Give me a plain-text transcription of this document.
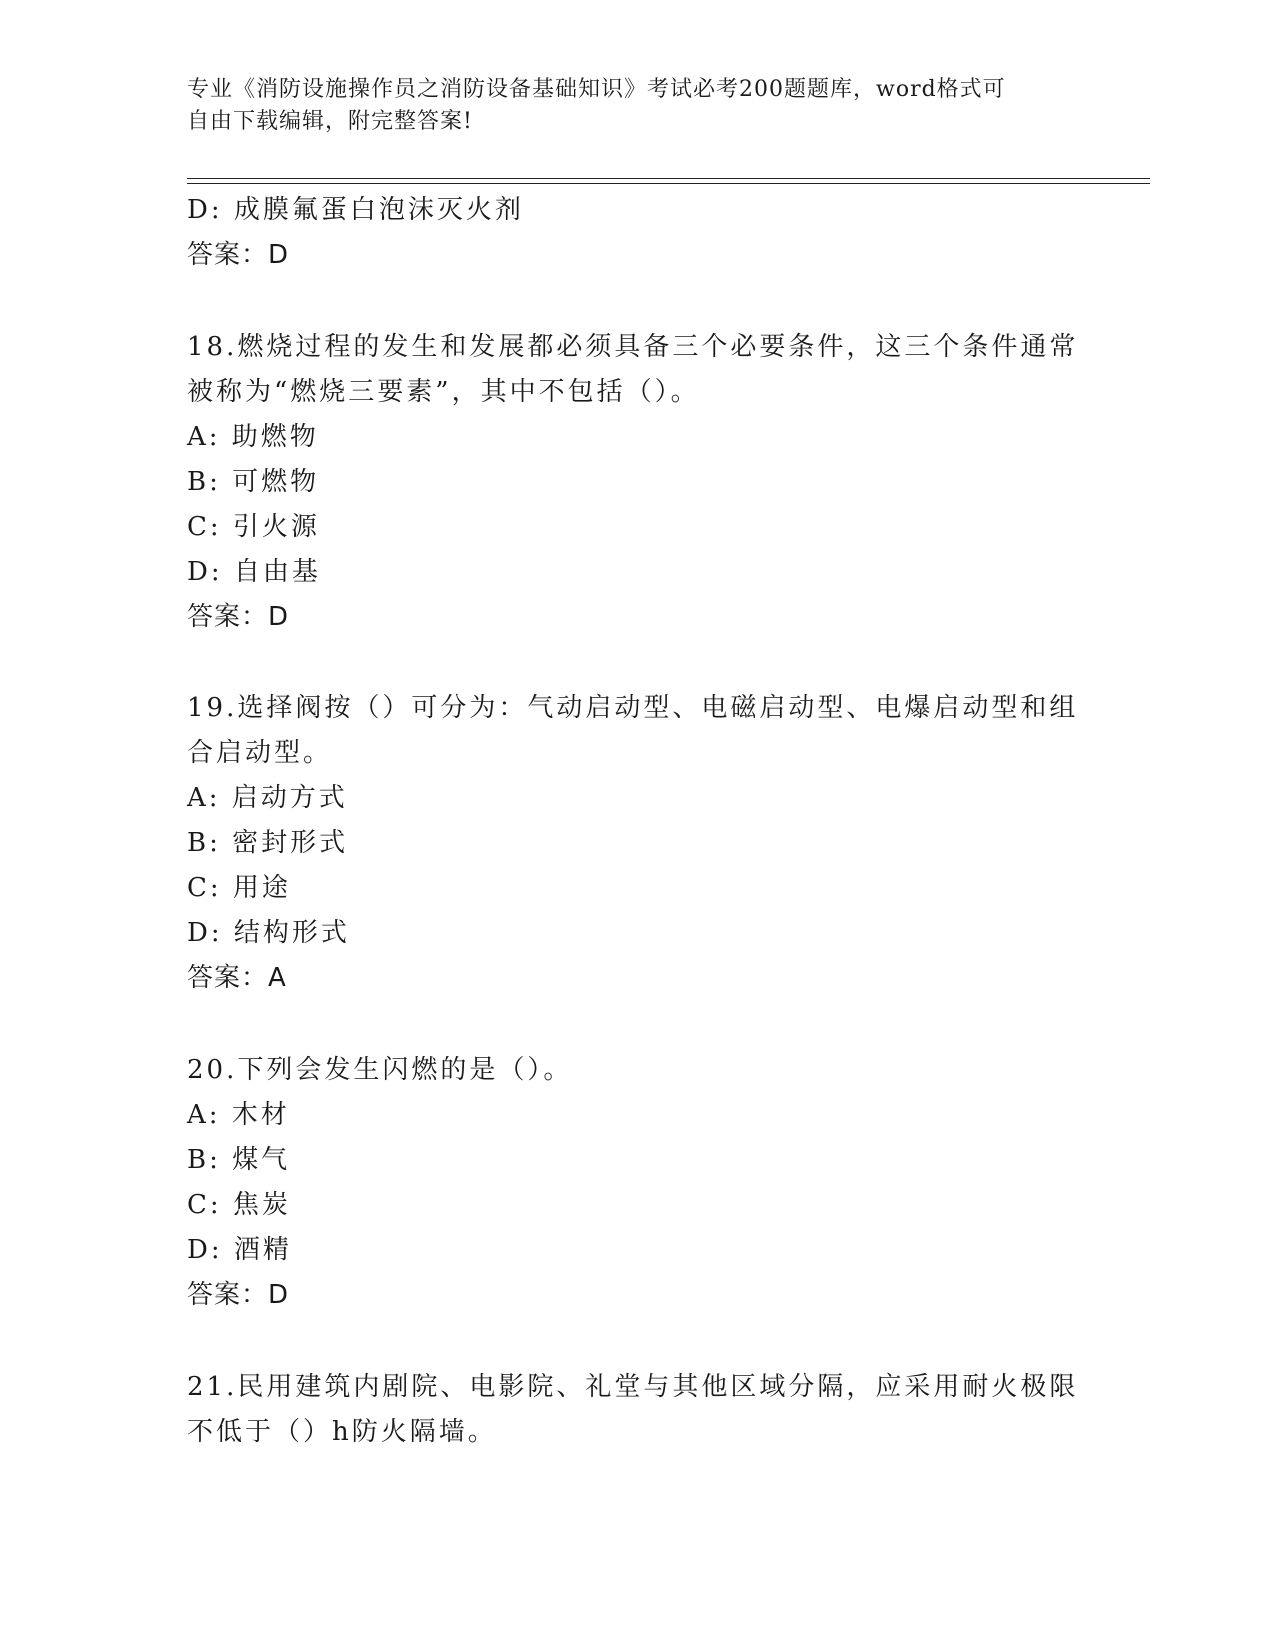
专业《消防设施操作员之消防设备基础知识》考试必考200题题库，word格式可
自由下载编辑，附完整答案!
D: 成膜氟蛋白泡沫灭火剂
答案：D
18.燃烧过程的发生和发展都必须具备三个必要条件，这三个条件通常
被称为“燃烧三要素”，其中不包括（）。
A: 助燃物
B: 可燃物
C: 引火源
D: 自由基
答案：D
19.选择阀按（）可分为：气动启动型、电磁启动型、电爆启动型和组
合启动型。
A: 启动方式
B: 密封形式
C: 用途
D: 结构形式
答案：A
20.下列会发生闪燃的是（）。
A: 木材
B: 煤气
C: 焦炭
D: 酒精
答案：D
21.民用建筑内剧院、电影院、礼堂与其他区域分隔，应采用耐火极限
不低于（）h防火隔墙。
